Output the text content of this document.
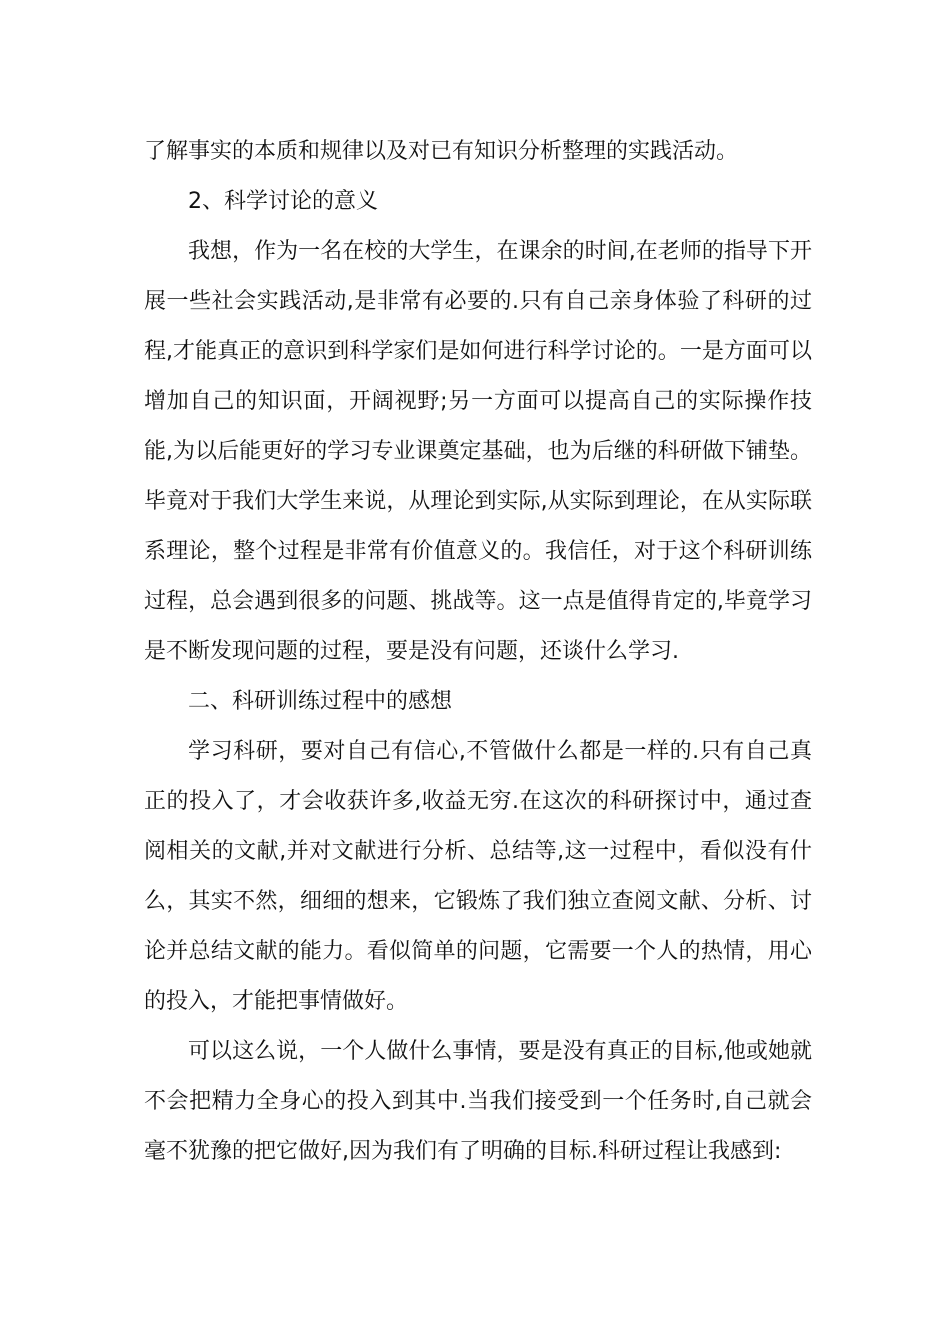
了解事实的本质和规律以及对已有知识分析整理的实践活动。

2、科学讨论的意义

我想，作为一名在校的大学生，在课余的时间,在老师的指导下开展一些社会实践活动,是非常有必要的.只有自己亲身体验了科研的过程,才能真正的意识到科学家们是如何进行科学讨论的。一是方面可以增加自己的知识面，开阔视野;另一方面可以提高自己的实际操作技能,为以后能更好的学习专业课奠定基础，也为后继的科研做下铺垫。毕竟对于我们大学生来说，从理论到实际,从实际到理论，在从实际联系理论，整个过程是非常有价值意义的。我信任，对于这个科研训练过程，总会遇到很多的问题、挑战等。这一点是值得肯定的,毕竟学习是不断发现问题的过程，要是没有问题，还谈什么学习.

二、科研训练过程中的感想

学习科研，要对自己有信心,不管做什么都是一样的.只有自己真正的投入了，才会收获许多,收益无穷.在这次的科研探讨中，通过查阅相关的文献,并对文献进行分析、总结等,这一过程中，看似没有什么，其实不然，细细的想来，它锻炼了我们独立查阅文献、分析、讨论并总结文献的能力。看似简单的问题，它需要一个人的热情，用心的投入，才能把事情做好。

可以这么说，一个人做什么事情，要是没有真正的目标,他或她就不会把精力全身心的投入到其中.当我们接受到一个任务时,自己就会毫不犹豫的把它做好,因为我们有了明确的目标.科研过程让我感到:
